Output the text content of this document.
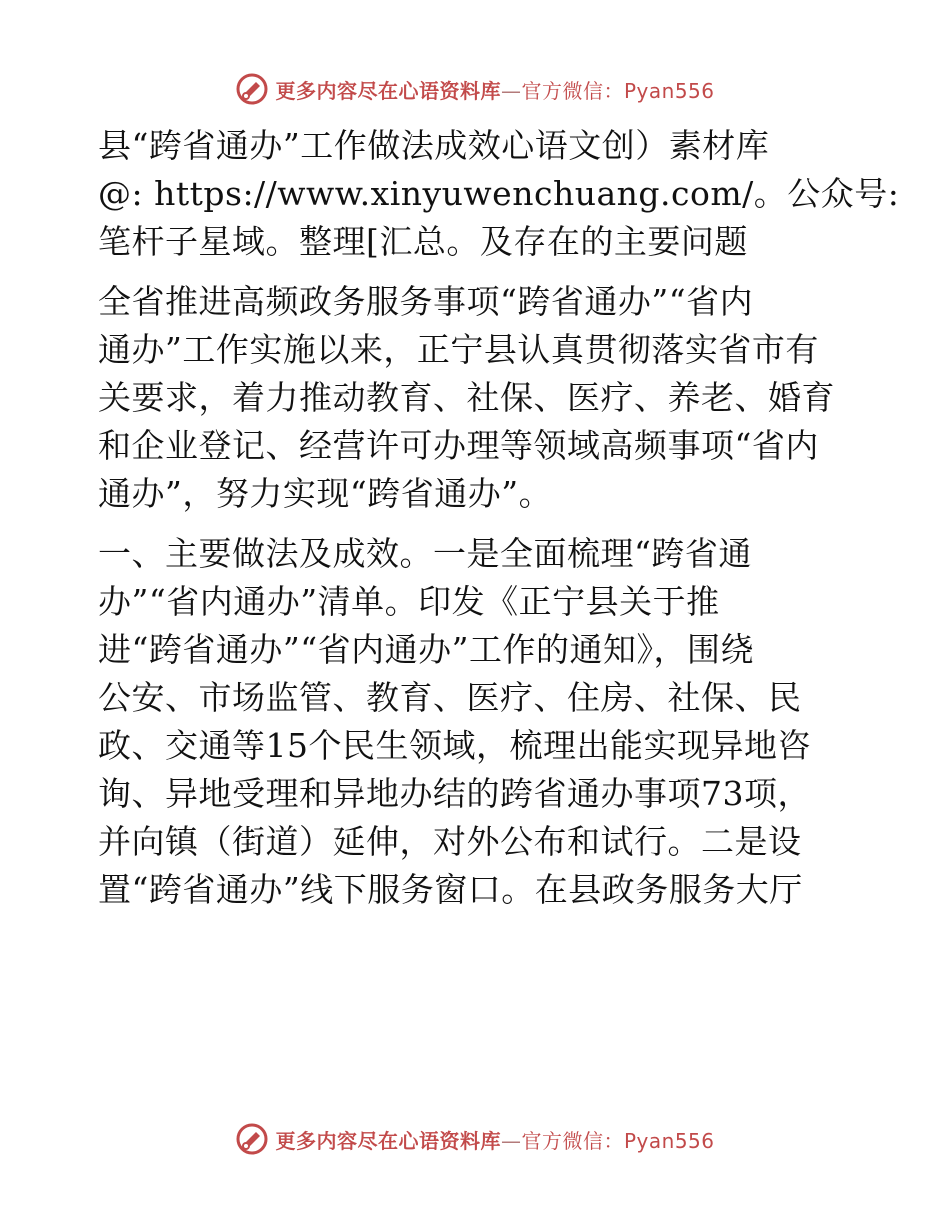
更多内容尽在心语资料库—官方微信：Pyan556

县“跨省通办”工作做法成效心语文创）素材库

@: https://www.xinyuwenchuang.com/。公众号:

笔杆子星域。整理[汇总。及存在的主要问题

全省推进高频政务服务事项“跨省通办”“省内

通办”工作实施以来，正宁县认真贯彻落实省市有

关要求，着力推动教育、社保、医疗、养老、婚育

和企业登记、经营许可办理等领域高频事项“省内

通办”，努力实现“跨省通办”。

一、主要做法及成效。一是全面梳理“跨省通

办”“省内通办”清单。印发《正宁县关于推

进“跨省通办”“省内通办”工作的通知》，围绕

公安、市场监管、教育、医疗、住房、社保、民

政、交通等15个民生领域，梳理出能实现异地咨

询、异地受理和异地办结的跨省通办事项73项，

并向镇（街道）延伸，对外公布和试行。二是设

置“跨省通办”线下服务窗口。在县政务服务大厅

更多内容尽在心语资料库—官方微信：Pyan556
